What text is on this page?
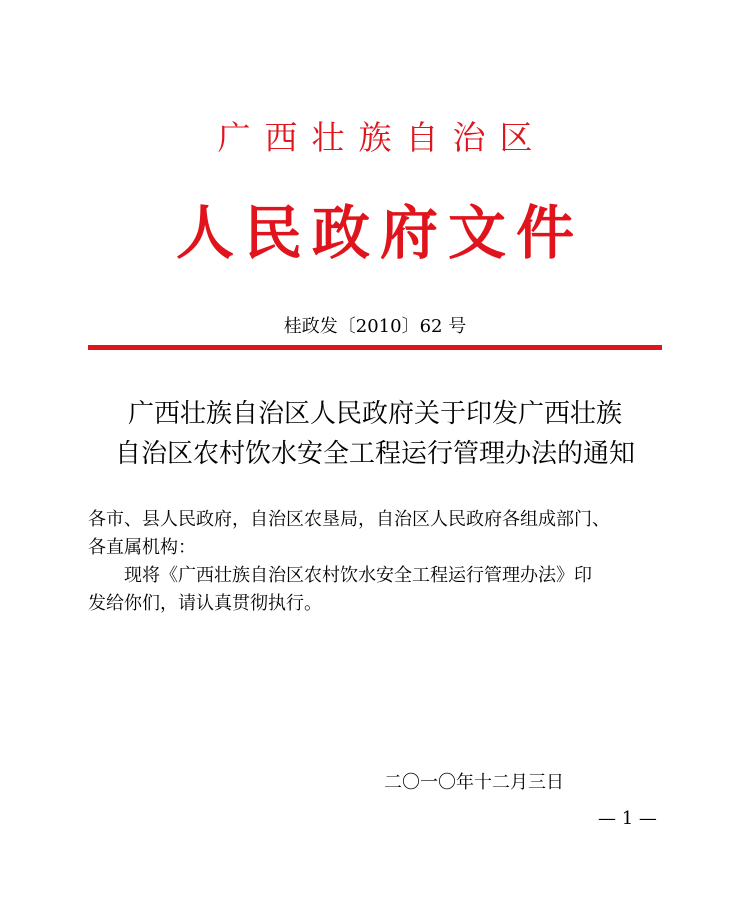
广西壮族自治区
人民政府文件
桂政发〔2010〕62 号
广西壮族自治区人民政府关于印发广西壮族
自治区农村饮水安全工程运行管理办法的通知

各市、县人民政府，自治区农垦局，自治区人民政府各组成部门、

各直属机构：

现将《广西壮族自治区农村饮水安全工程运行管理办法》印

发给你们，请认真贯彻执行。

二〇一〇年十二月三日
— 1 —
